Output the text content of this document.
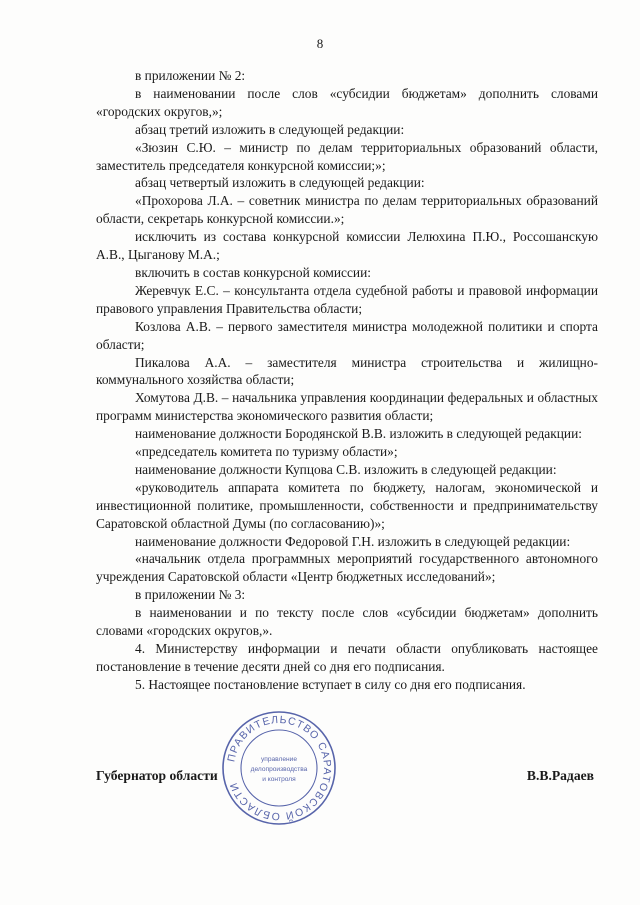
8

в приложении № 2:

в наименовании после слов «субсидии бюджетам» дополнить словами «городских округов,»;

абзац третий изложить в следующей редакции:

«Зюзин С.Ю. – министр по делам территориальных образований области, заместитель председателя конкурсной комиссии;»;

абзац четвертый изложить в следующей редакции:

«Прохорова Л.А. – советник министра по делам территориальных образований области, секретарь конкурсной комиссии.»;

исключить из состава конкурсной комиссии Лелюхина П.Ю., Россошанскую А.В., Цыганову М.А.;

включить в состав конкурсной комиссии:

Жеревчук Е.С. – консультанта отдела судебной работы и правовой информации правового управления Правительства области;

Козлова А.В. – первого заместителя министра молодежной политики и спорта области;

Пикалова А.А. – заместителя министра строительства и жилищно-коммунального хозяйства области;

Хомутова Д.В. – начальника управления координации федеральных и областных программ министерства экономического развития области;

наименование должности Бородянской В.В. изложить в следующей редакции:

«председатель комитета по туризму области»;

наименование должности Купцова С.В. изложить в следующей редакции:

«руководитель аппарата комитета по бюджету, налогам, экономической и инвестиционной политике, промышленности, собственности и предпринимательству Саратовской областной Думы (по согласованию)»;

наименование должности Федоровой Г.Н. изложить в следующей редакции:

«начальник отдела программных мероприятий государственного автономного учреждения Саратовской области «Центр бюджетных исследований»;

в приложении № 3:

в наименовании и по тексту после слов «субсидии бюджетам» дополнить словами «городских округов,».

4. Министерству информации и печати области опубликовать настоящее постановление в течение десяти дней со дня его подписания.

5. Настоящее постановление вступает в силу со дня его подписания.

Губернатор области	В.В.Радаев
ПРАВИТЕЛЬСТВО САРАТОВСКОЙ ОБЛАСТИ
управление
делопроизводства
и контроля
